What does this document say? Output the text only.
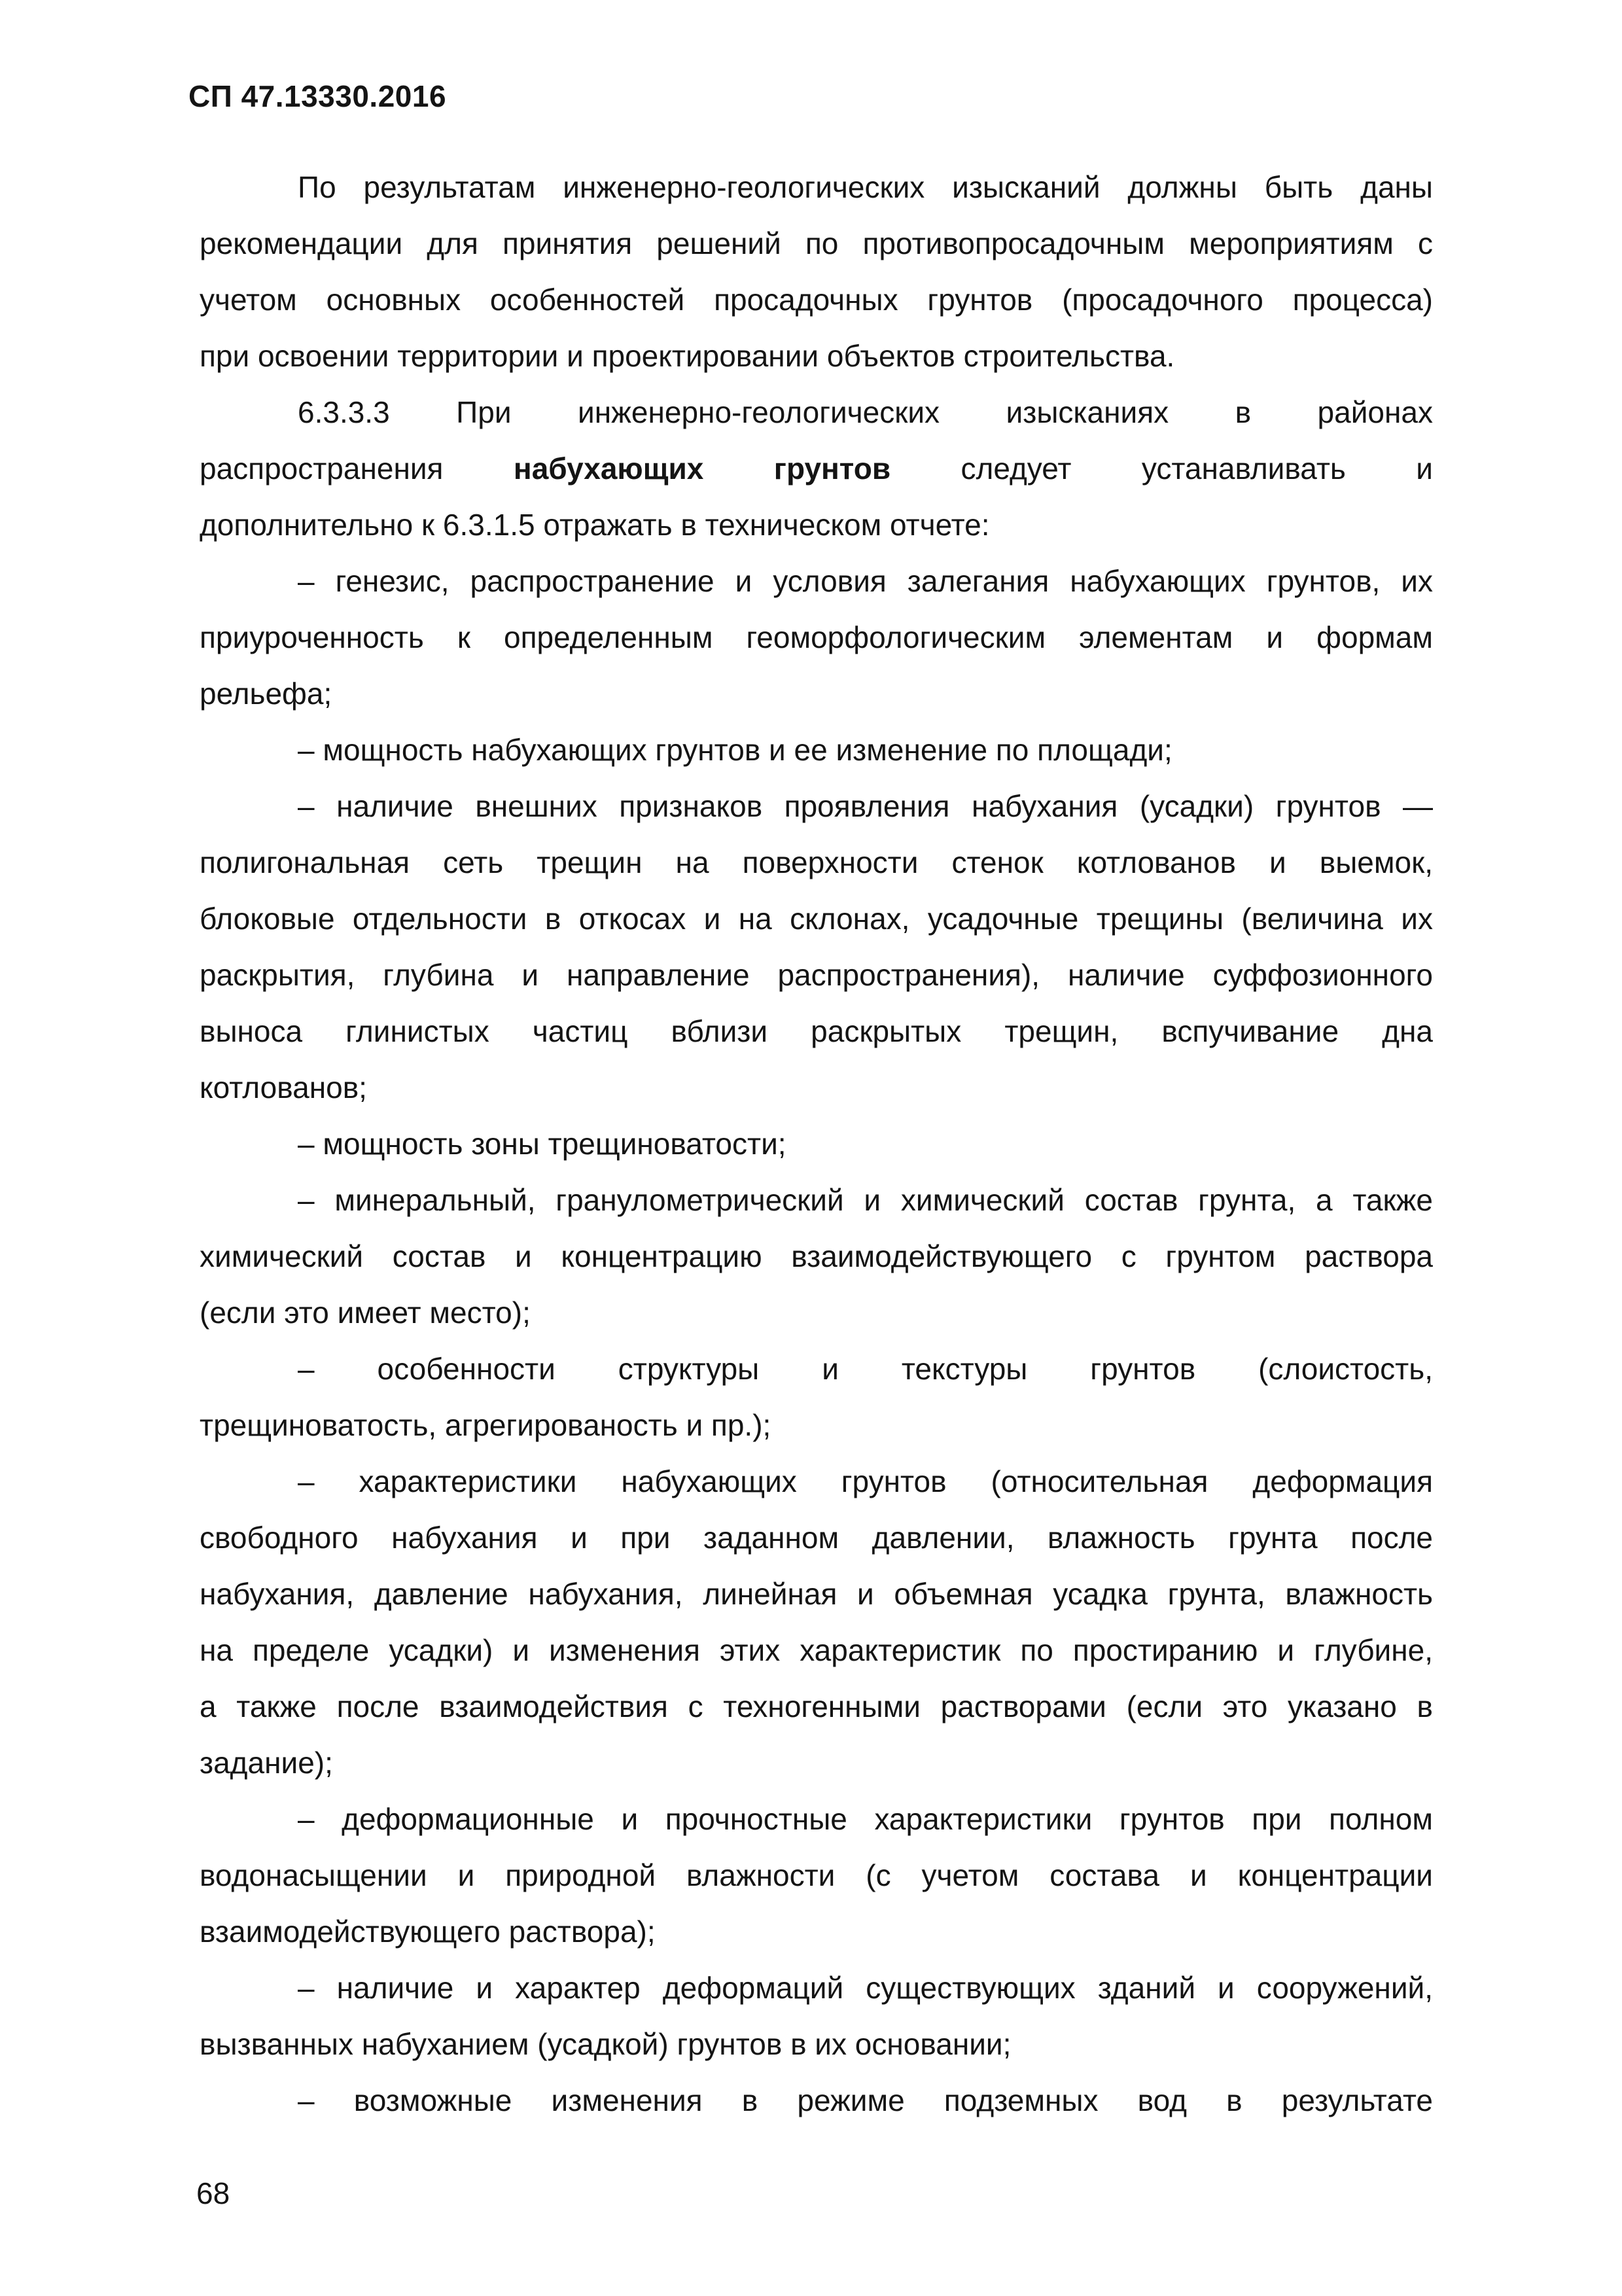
СП 47.13330.2016
По результатам инженерно-геологических изысканий должны быть даны
рекомендации для принятия решений по противопросадочным мероприятиям с
учетом основных особенностей просадочных грунтов (просадочного процесса)
при освоении территории и проектировании объектов строительства.
6.3.3.3 При инженерно-геологических изысканиях в районах
распространения набухающих грунтов следует устанавливать и
дополнительно к 6.3.1.5 отражать в техническом отчете:
– генезис, распространение и условия залегания набухающих грунтов, их
приуроченность к определенным геоморфологическим элементам и формам
рельефа;
– мощность набухающих грунтов и ее изменение по площади;
– наличие внешних признаков проявления набухания (усадки) грунтов —
полигональная сеть трещин на поверхности стенок котлованов и выемок,
блоковые отдельности в откосах и на склонах, усадочные трещины (величина их
раскрытия, глубина и направление распространения), наличие суффозионного
выноса глинистых частиц вблизи раскрытых трещин, вспучивание дна
котлованов;
– мощность зоны трещиноватости;
– минеральный, гранулометрический и химический состав грунта, а также
химический состав и концентрацию взаимодействующего с грунтом раствора
(если это имеет место);
– особенности структуры и текстуры грунтов (слоистость,
трещиноватость, агрегированость и пр.);
– характеристики набухающих грунтов (относительная деформация
свободного набухания и при заданном давлении, влажность грунта после
набухания, давление набухания, линейная и объемная усадка грунта, влажность
на пределе усадки) и изменения этих характеристик по простиранию и глубине,
а также после взаимодействия с техногенными растворами (если это указано в
задание);
– деформационные и прочностные характеристики грунтов при полном
водонасыщении и природной влажности (с учетом состава и концентрации
взаимодействующего раствора);
– наличие и характер деформаций существующих зданий и сооружений,
вызванных набуханием (усадкой) грунтов в их основании;
– возможные изменения в режиме подземных вод в результате
68
